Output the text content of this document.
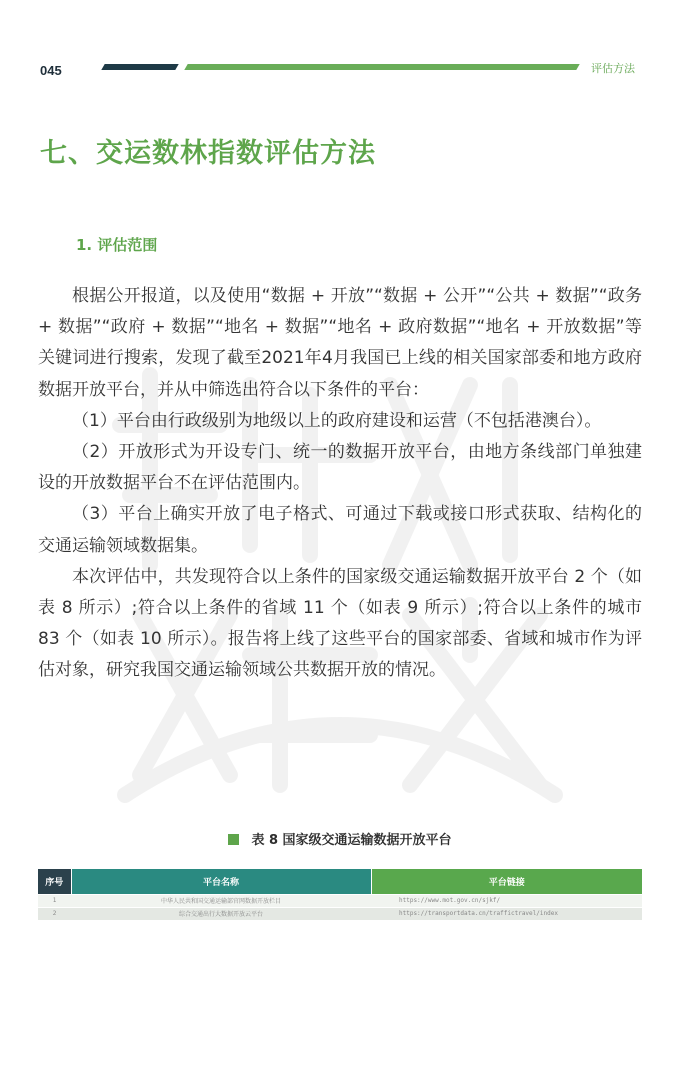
045	评估方法
七、交运数林指数评估方法
1. 评估范围

根据公开报道，以及使用“数据 + 开放”“数据 + 公开”“公共 + 数据”“政务 + 数据”“政府 + 数据”“地名 + 数据”“地名 + 政府数据”“地名 + 开放数据”等关键词进行搜索，发现了截至2021年4月我国已上线的相关国家部委和地方政府数据开放平台，并从中筛选出符合以下条件的平台：

（1）平台由行政级别为地级以上的政府建设和运营（不包括港澳台）。

（2）开放形式为开设专门、统一的数据开放平台，由地方条线部门单独建设的开放数据平台不在评估范围内。

（3）平台上确实开放了电子格式、可通过下载或接口形式获取、结构化的交通运输领域数据集。

本次评估中，共发现符合以上条件的国家级交通运输数据开放平台 2 个（如表 8 所示）;符合以上条件的省域 11 个（如表 9 所示）;符合以上条件的城市 83 个（如表 10 所示）。报告将上线了这些平台的国家部委、省域和城市作为评估对象，研究我国交通运输领域公共数据开放的情况。

表 8 国家级交通运输数据开放平台
序号	平台名称	平台链接
1	中华人民共和国交通运输部官网数据开放栏目	https://www.mot.gov.cn/sjkf/
2	综合交通出行大数据开放云平台	https://transportdata.cn/traffictravel/index
